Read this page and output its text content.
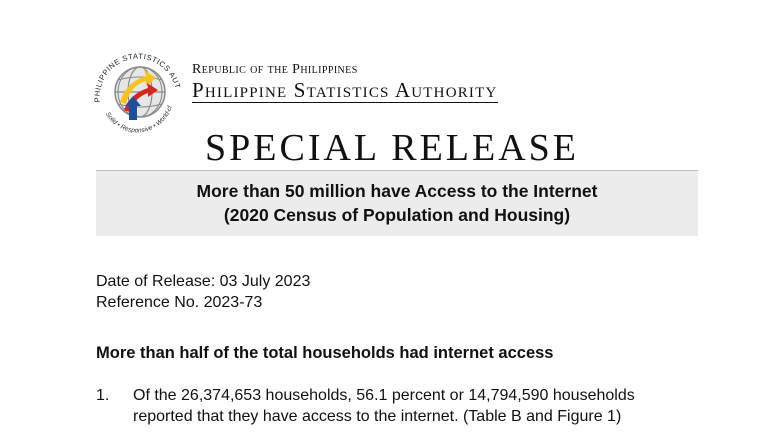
PHILIPPINE STATISTICS AUT
Solid • Responsive • World-cl
Republic of the Philippines
Philippine Statistics Authority
SPECIAL RELEASE
More than 50 million have Access to the Internet
(2020 Census of Population and Housing)
Date of Release: 03 July 2023
Reference No. 2023-73
More than half of the total households had internet access
1. Of the 26,374,653 households, 56.1 percent or 14,794,590 households
reported that they have access to the internet. (Table B and Figure 1)
